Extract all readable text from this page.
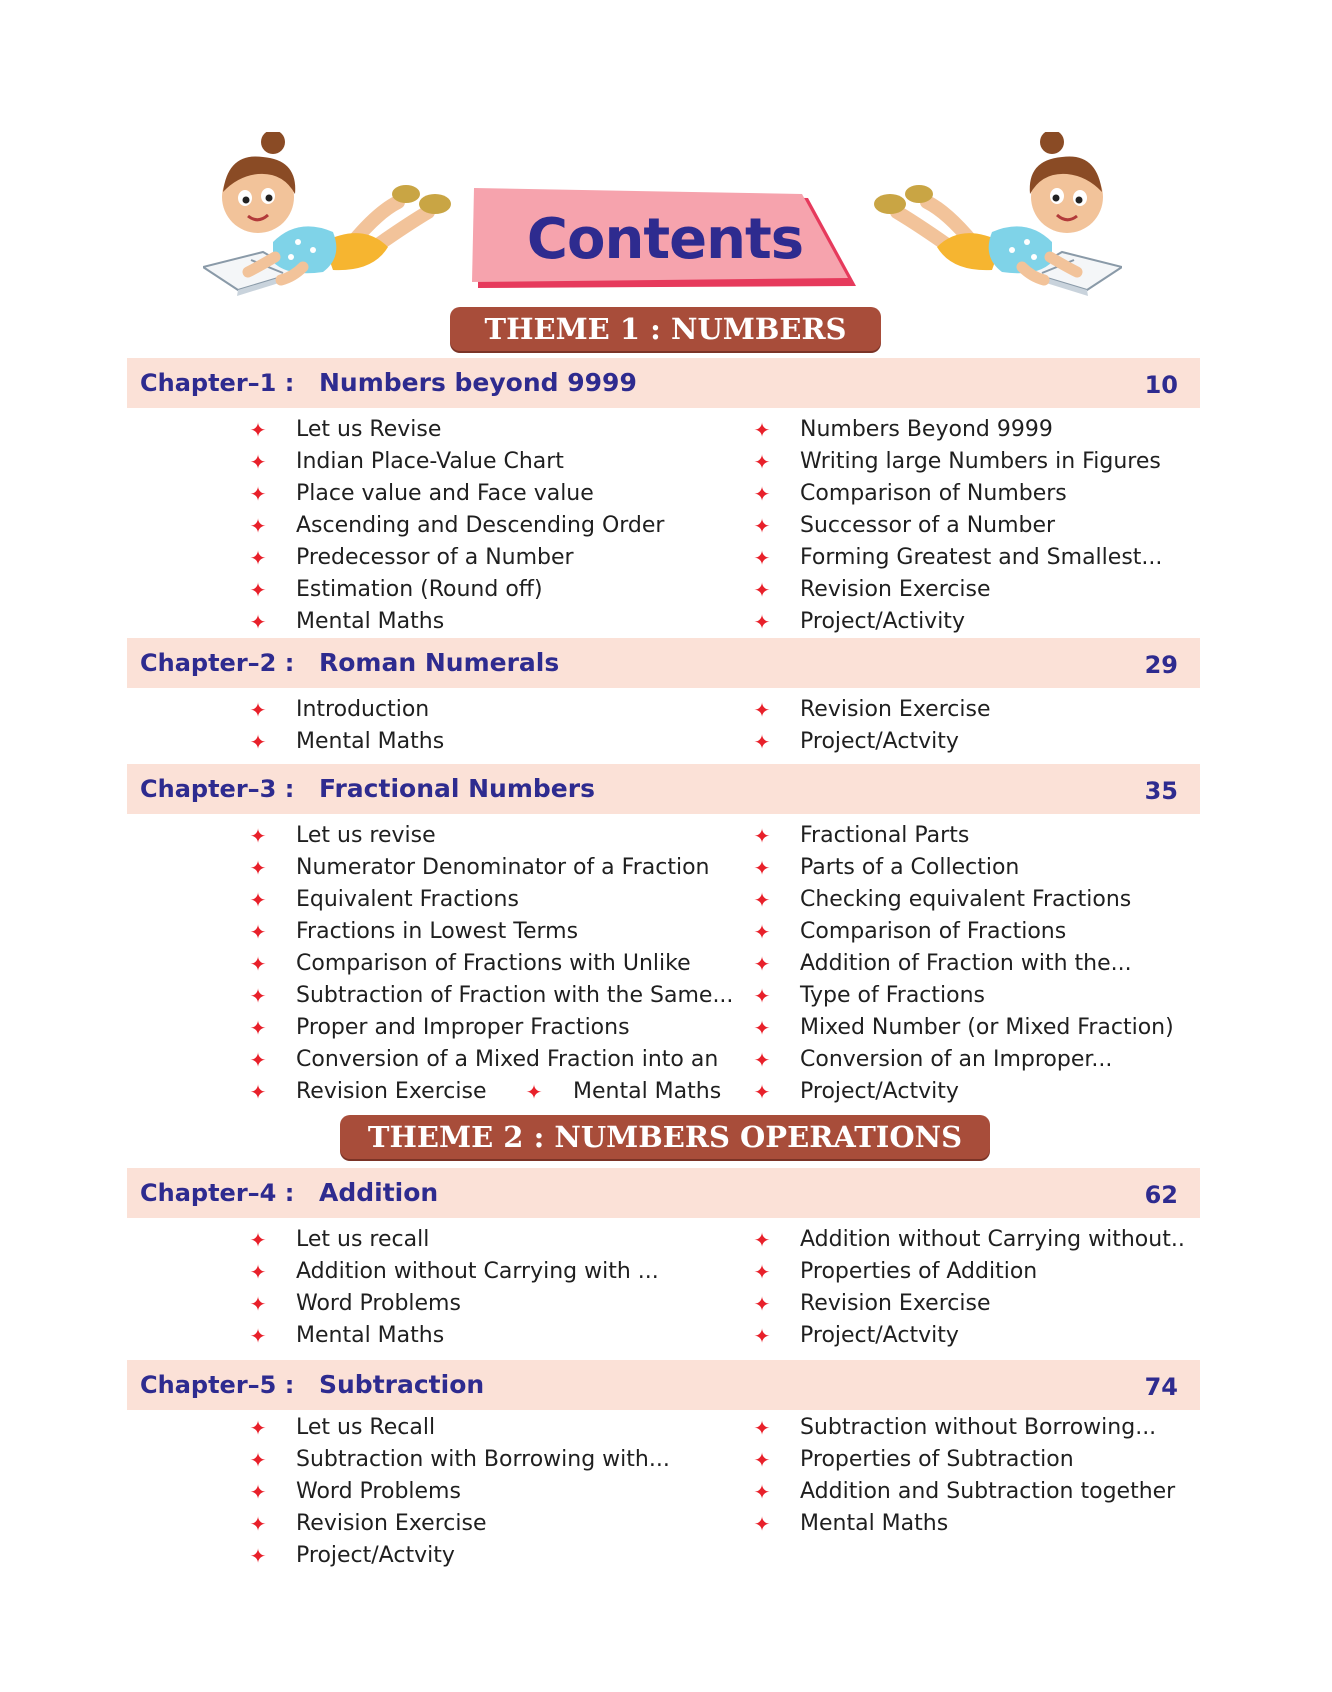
Contents
THEME 1 : NUMBERS
Chapter–1 : Numbers beyond 9999	10
✦ Let us Revise
✦ Indian Place-Value Chart
✦ Place value and Face value
✦ Ascending and Descending Order
✦ Predecessor of a Number
✦ Estimation (Round off)
✦ Mental Maths
✦ Numbers Beyond 9999
✦ Writing large Numbers in Figures
✦ Comparison of Numbers
✦ Successor of a Number
✦ Forming Greatest and Smallest...
✦ Revision Exercise
✦ Project/Activity
Chapter–2 : Roman Numerals	29
✦ Introduction
✦ Mental Maths
✦ Revision Exercise
✦ Project/Actvity
Chapter–3 : Fractional Numbers	35
✦ Let us revise
✦ Numerator Denominator of a Fraction
✦ Equivalent Fractions
✦ Fractions in Lowest Terms
✦ Comparison of Fractions with Unlike
✦ Subtraction of Fraction with the Same...
✦ Proper and Improper Fractions
✦ Conversion of a Mixed Fraction into an
✦ Revision Exercise ✦ Mental Maths
✦ Fractional Parts
✦ Parts of a Collection
✦ Checking equivalent Fractions
✦ Comparison of Fractions
✦ Addition of Fraction with the...
✦ Type of Fractions
✦ Mixed Number (or Mixed Fraction)
✦ Conversion of an Improper...
✦ Project/Actvity
THEME 2 : NUMBERS OPERATIONS
Chapter–4 : Addition	62
✦ Let us recall
✦ Addition without Carrying with ...
✦ Word Problems
✦ Mental Maths
✦ Addition without Carrying without..
✦ Properties of Addition
✦ Revision Exercise
✦ Project/Actvity
Chapter–5 : Subtraction	74
✦ Let us Recall
✦ Subtraction with Borrowing with...
✦ Word Problems
✦ Revision Exercise
✦ Project/Actvity
✦ Subtraction without Borrowing...
✦ Properties of Subtraction
✦ Addition and Subtraction together
✦ Mental Maths
